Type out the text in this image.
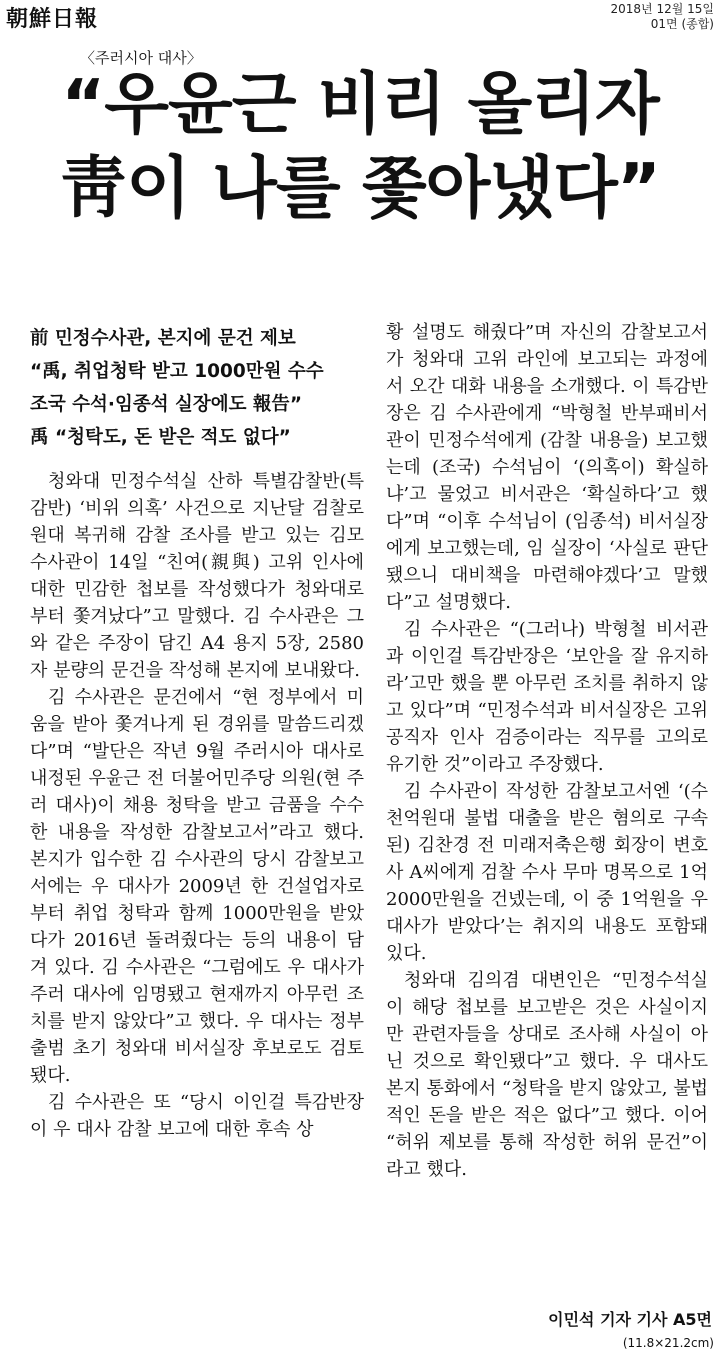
朝鮮日報	2018년 12월 15일
01면 (종합)
〈주러시아 대사〉
“우윤근 비리 올리자
靑이 나를 쫓아냈다”
前 민정수사관, 본지에 문건 제보
“禹, 취업청탁 받고 1000만원 수수
조국 수석·임종석 실장에도 報告”
禹 “청탁도, 돈 받은 적도 없다”

청와대 민정수석실 산하 특별감찰반(특감반) ‘비위 의혹’ 사건으로 지난달 검찰로 원대 복귀해 감찰 조사를 받고 있는 김모 수사관이 14일 “친여(親與) 고위 인사에 대한 민감한 첩보를 작성했다가 청와대로부터 쫓겨났다”고 말했다. 김 수사관은 그와 같은 주장이 담긴 A4 용지 5장, 2580자 분량의 문건을 작성해 본지에 보내왔다.

김 수사관은 문건에서 “현 정부에서 미움을 받아 쫓겨나게 된 경위를 말씀드리겠다”며 “발단은 작년 9월 주러시아 대사로 내정된 우윤근 전 더불어민주당 의원(현 주러 대사)이 채용 청탁을 받고 금품을 수수한 내용을 작성한 감찰보고서”라고 했다. 본지가 입수한 김 수사관의 당시 감찰보고서에는 우 대사가 2009년 한 건설업자로부터 취업 청탁과 함께 1000만원을 받았다가 2016년 돌려줬다는 등의 내용이 담겨 있다. 김 수사관은 “그럼에도 우 대사가 주러 대사에 임명됐고 현재까지 아무런 조치를 받지 않았다”고 했다. 우 대사는 정부 출범 초기 청와대 비서실장 후보로도 검토됐다.

김 수사관은 또 “당시 이인걸 특감반장이 우 대사 감찰 보고에 대한 후속 상

황 설명도 해줬다”며 자신의 감찰보고서가 청와대 고위 라인에 보고되는 과정에서 오간 대화 내용을 소개했다. 이 특감반장은 김 수사관에게 “박형철 반부패비서관이 민정수석에게 (감찰 내용을) 보고했는데 (조국) 수석님이 ‘(의혹이) 확실하냐’고 물었고 비서관은 ‘확실하다’고 했다”며 “이후 수석님이 (임종석) 비서실장에게 보고했는데, 임 실장이 ‘사실로 판단됐으니 대비책을 마련해야겠다’고 말했다”고 설명했다.

김 수사관은 “(그러나) 박형철 비서관과 이인걸 특감반장은 ‘보안을 잘 유지하라’고만 했을 뿐 아무런 조치를 취하지 않고 있다”며 “민정수석과 비서실장은 고위공직자 인사 검증이라는 직무를 고의로 유기한 것”이라고 주장했다.

김 수사관이 작성한 감찰보고서엔 ‘(수천억원대 불법 대출을 받은 혐의로 구속된) 김찬경 전 미래저축은행 회장이 변호사 A씨에게 검찰 수사 무마 명목으로 1억2000만원을 건넸는데, 이 중 1억원을 우 대사가 받았다’는 취지의 내용도 포함돼 있다.

청와대 김의겸 대변인은 “민정수석실이 해당 첩보를 보고받은 것은 사실이지만 관련자들을 상대로 조사해 사실이 아닌 것으로 확인됐다”고 했다. 우 대사도 본지 통화에서 “청탁을 받지 않았고, 불법적인 돈을 받은 적은 없다”고 했다. 이어 “허위 제보를 통해 작성한 허위 문건”이라고 했다.

이민석 기자 기사 A5면
(11.8×21.2cm)
